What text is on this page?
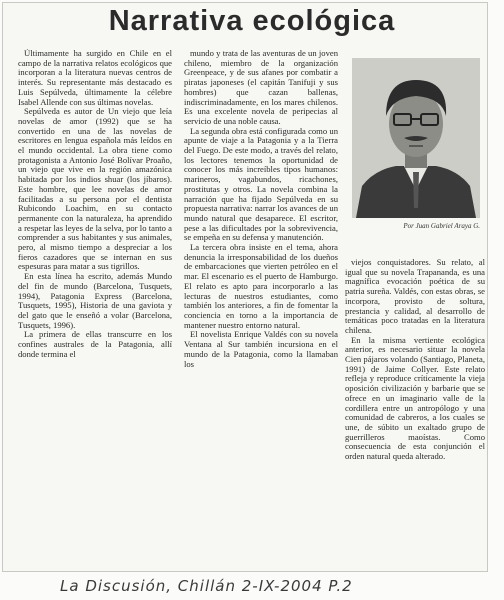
Narrativa ecológica

Últimamente ha surgido en Chile en el campo de la narrativa relatos ecológicos que incorporan a la literatura nuevas centros de interés. Su representante más destacado es Luis Sepúlveda, últimamente la célebre Isabel Allende con sus últimas novelas.

Sepúlveda es autor de Un viejo que leía novelas de amor (1992) que se ha convertido en una de las novelas de escritores en lengua española más leídos en el mundo occidental. La obra tiene como protagonista a Antonio José Bolívar Proaño, un viejo que vive en la región amazónica habitada por los indios shuar (los jíbaros). Este hombre, que lee novelas de amor facilitadas a su persona por el dentista Rubicondo Loachim, en su contacto permanente con la naturaleza, ha aprendido a respetar las leyes de la selva, por lo tanto a comprender a sus habitantes y sus animales, pero, al mismo tiempo a despreciar a los fieros cazadores que se internan en sus espesuras para matar a sus tigrillos.

En esta línea ha escrito, además Mundo del fin de mundo (Barcelona, Tusquets, 1994), Patagonia Express (Barcelona, Tusquets, 1995), Historia de una gaviota y del gato que le enseñó a volar (Barcelona, Tusquets, 1996).

La primera de ellas transcurre en los confines australes de la Patagonia, allí donde termina el

mundo y trata de las aventuras de un joven chileno, miembro de la organización Greenpeace, y de sus afanes por combatir a piratas japoneses (el capitán Tanifuji y sus hombres) que cazan ballenas, indiscriminadamente, en los mares chilenos. Es una excelente novela de peripecias al servicio de una noble causa.

La segunda obra está configurada como un apunte de viaje a la Patagonia y a la Tierra del Fuego. De este modo, a través del relato, los lectores tenemos la oportunidad de conocer los más increíbles tipos humanos: marineros, vagabundos, ricachones, prostitutas y otros. La novela combina la narración que ha fijado Sepúlveda en su propuesta narrativa: narrar los avances de un mundo natural que desaparece. El escritor, pese a las dificultades por la sobrevivencia, se empeña en su defensa y manutención.

La tercera obra insiste en el tema, ahora denuncia la irresponsabilidad de los dueños de embarcaciones que vierten petróleo en el mar. El escenario es el puerto de Hamburgo. El relato es apto para incorporarlo a las lecturas de nuestros estudiantes, como también los anteriores, a fin de fomentar la conciencia en torno a la importancia de mantener nuestro entorno natural.

El novelista Enrique Valdés con su novela Ventana al Sur también incursiona en el mundo de la Patagonia, como la llamaban los

Por Juan Gabriel Araya G.

viejos conquistadores. Su relato, al igual que su novela Trapananda, es una magnífica evocación poética de su patria sureña. Valdés, con estas obras, se incorpora, provisto de soltura, prestancia y calidad, al desarrollo de temáticas poco tratadas en la literatura chilena.

En la misma vertiente ecológica anterior, es necesario situar la novela Cien pájaros volando (Santiago, Planeta, 1991) de Jaime Collyer. Este relato refleja y reproduce críticamente la vieja oposición civilización y barbarie que se ofrece en un imaginario valle de la cordillera entre un antropólogo y una comunidad de cabreros, a los cuales se une, de súbito un exaltado grupo de guerrilleros maoístas. Como consecuencia de esta conjunción el orden natural queda alterado.

La Discusión, Chillán 2-IX-2004 P.2
